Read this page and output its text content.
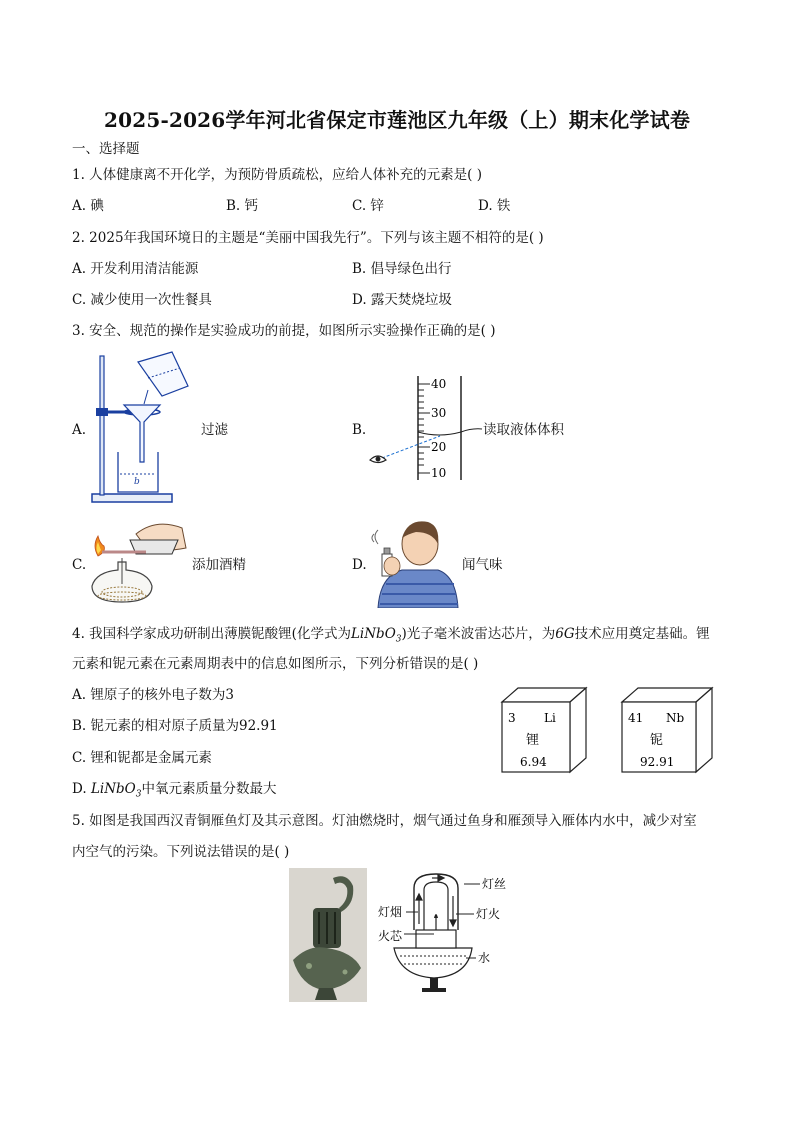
2025-2026学年河北省保定市莲池区九年级（上）期末化学试卷
一、选择题
1. 人体健康离不开化学，为预防骨质疏松，应给人体补充的元素是( )
A. 碘	B. 钙	C. 锌	D. 铁
2. 2025年我国环境日的主题是“美丽中国我先行”。下列与该主题不相符的是( )
A. 开发利用清洁能源	B. 倡导绿色出行
C. 减少使用一次性餐具	D. 露天焚烧垃圾
3. 安全、规范的操作是实验成功的前提，如图所示实验操作正确的是( )
A.
b
过滤	B.
40
30
20
10
读取液体体积
C.	添加酒精	D.	闻气味
4. 我国科学家成功研制出薄膜铌酸锂(化学式为LiNbO$_3$)光子毫米波雷达芯片，为6G技术应用奠定基础。锂
元素和铌元素在元素周期表中的信息如图所示，下列分析错误的是( )
A. 锂原子的核外电子数为3
B. 铌元素的相对原子质量为92.91
C. 锂和铌都是金属元素
D. LiNbO$_3$中氧元素质量分数最大
3 Li
锂
6.94
41 Nb
铌
92.91
5. 如图是我国西汉青铜雁鱼灯及其示意图。灯油燃烧时，烟气通过鱼身和雁颈导入雁体内水中，减少对室
内空气的污染。下列说法错误的是( )
灯丝
灯烟	灯火
火芯
水
